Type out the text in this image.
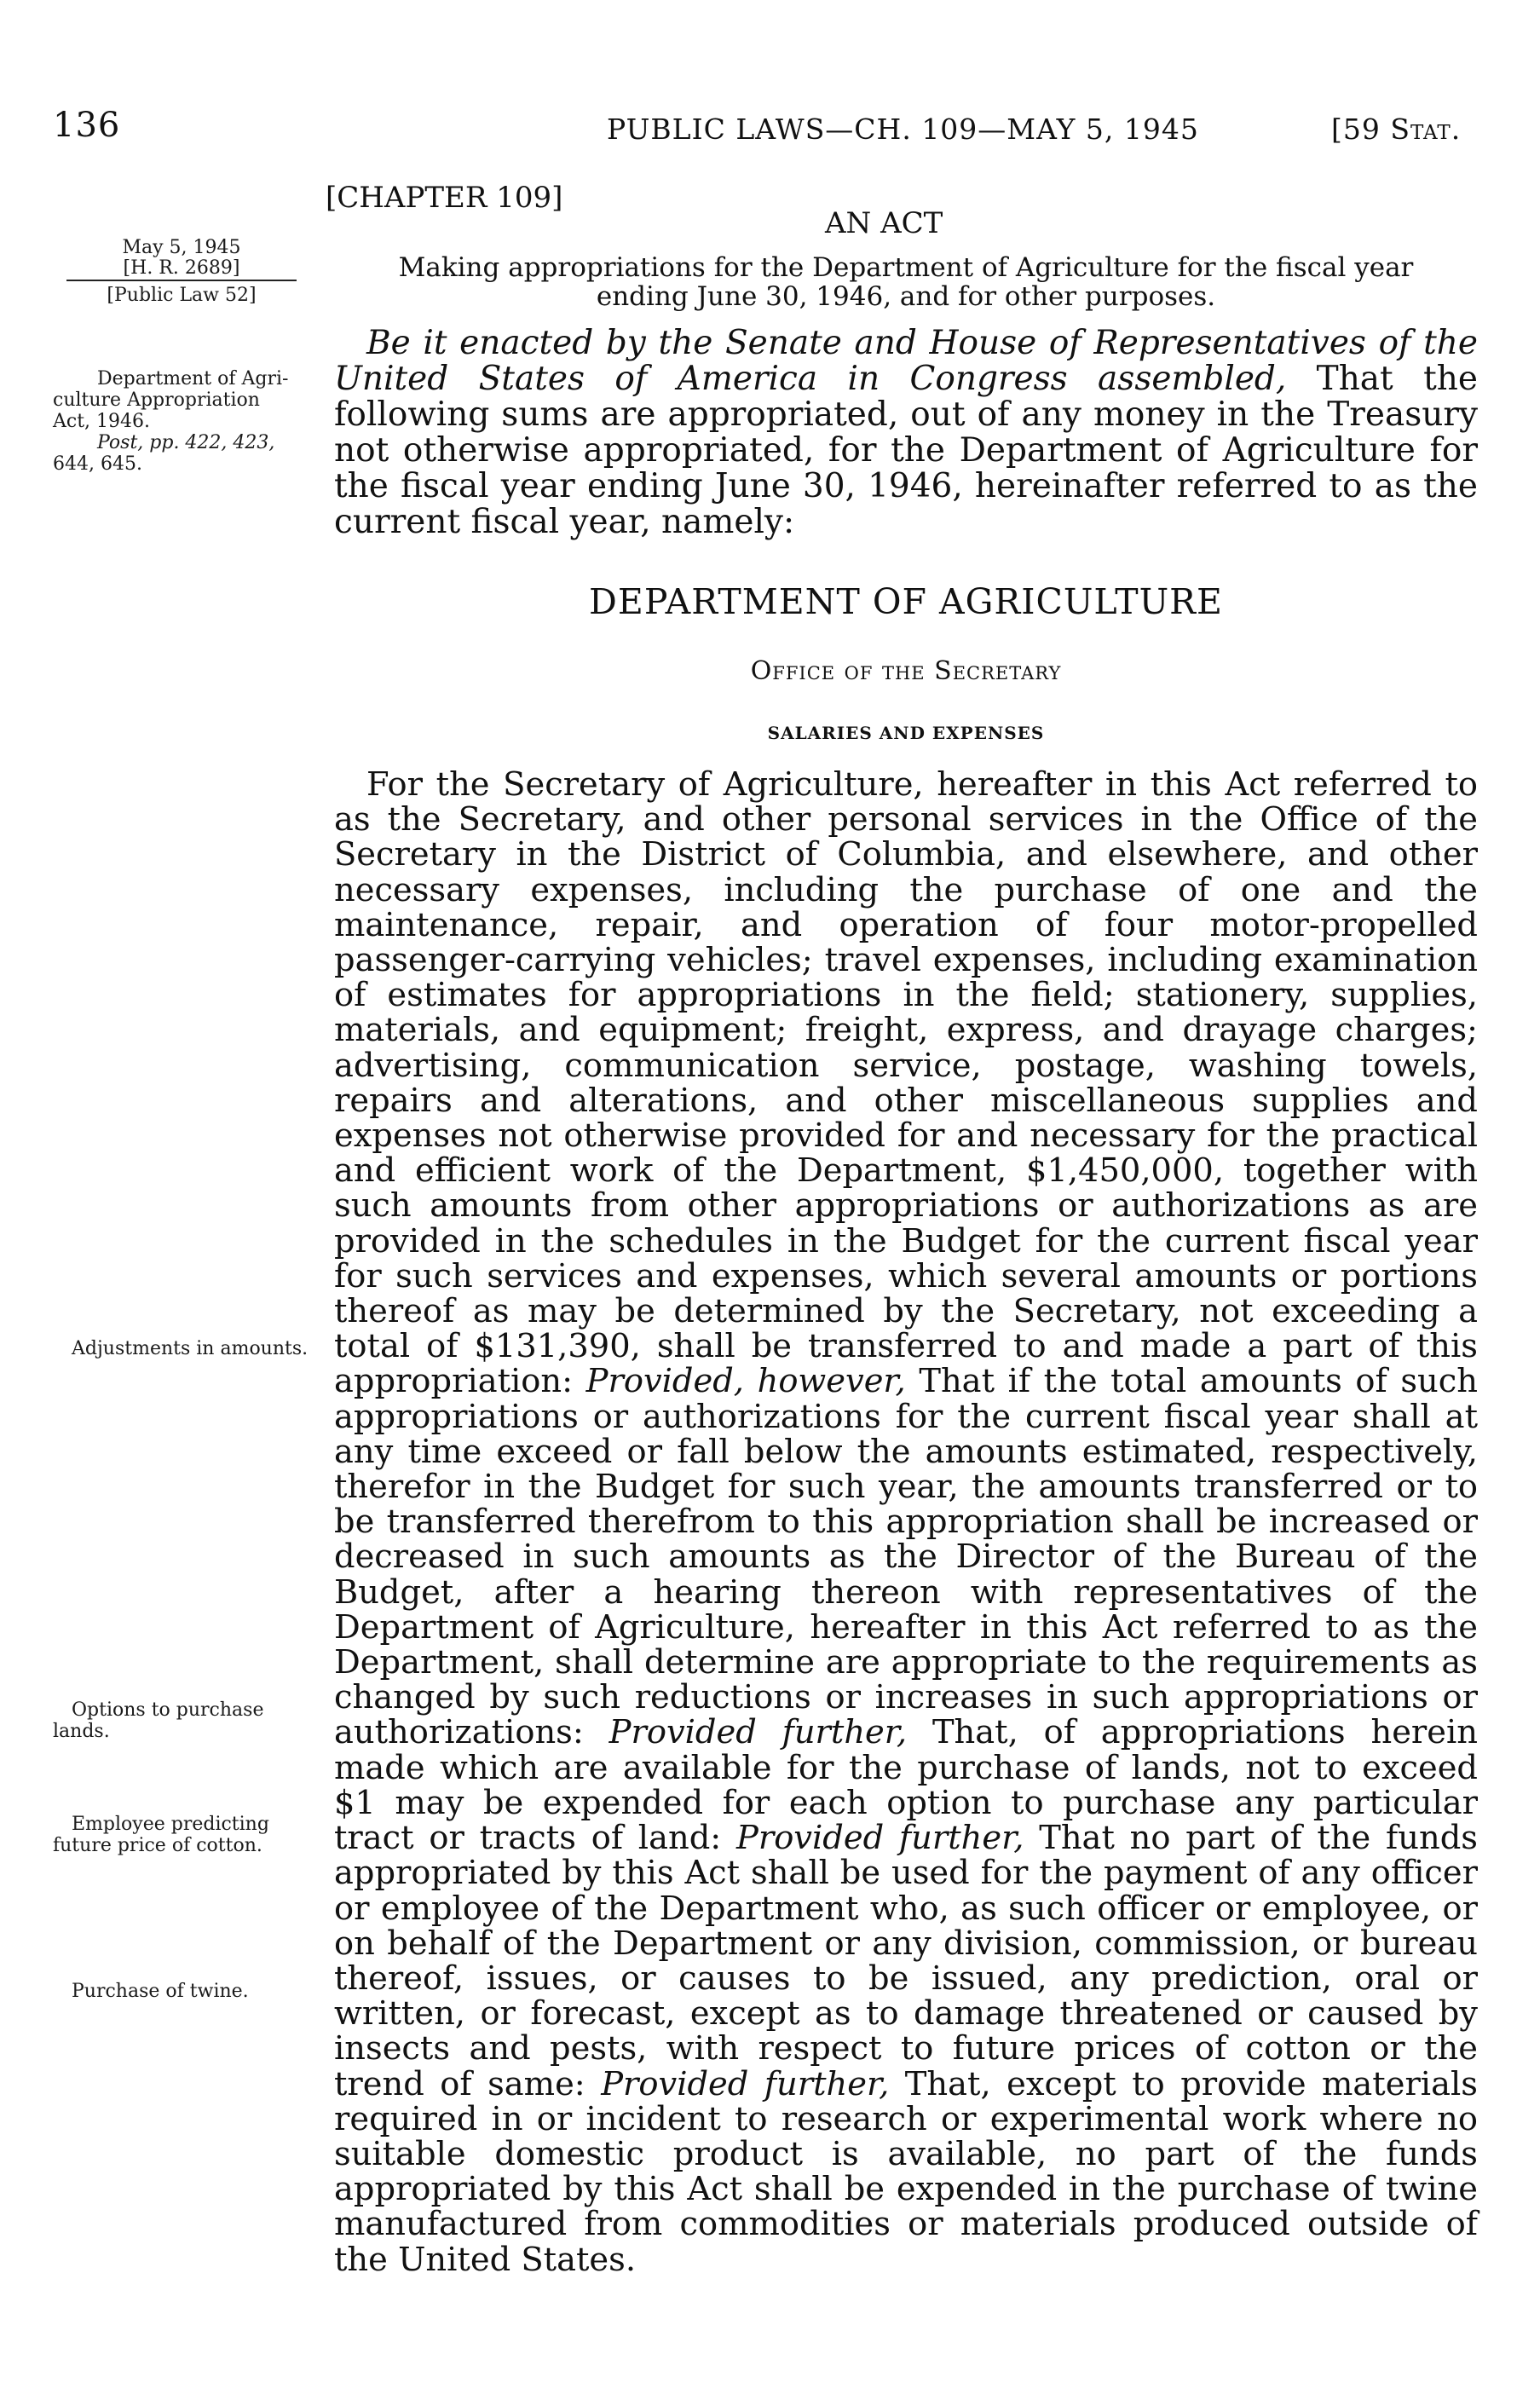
136	PUBLIC LAWS—CH. 109—MAY 5, 1945	[59 Stat.
[CHAPTER 109]
AN ACT
Making appropriations for the Department of Agriculture for the fiscal year
ending June 30, 1946, and for other purposes.
May 5, 1945
[H. R. 2689]
[Public Law 52]
Department of Agri-
culture Appropriation
Act, 1946.
Post, pp. 422, 423,
644, 645.
Adjustments in amounts.
Options to purchase lands.
Employee predicting future price of cotton.
Purchase of twine.

Be it enacted by the Senate and House of Representatives of the United States of America in Congress assembled, That the following sums are appropriated, out of any money in the Treasury not otherwise appropriated, for the Department of Agriculture for the fiscal year ending June 30, 1946, hereinafter referred to as the current fiscal year, namely:

DEPARTMENT OF AGRICULTURE
Office of the Secretary
SALARIES AND EXPENSES

For the Secretary of Agriculture, hereafter in this Act referred to as the Secretary, and other personal services in the Office of the Secretary in the District of Columbia, and elsewhere, and other necessary expenses, including the purchase of one and the maintenance, repair, and operation of four motor-propelled passenger-carrying vehicles; travel expenses, including examination of estimates for appropriations in the field; stationery, supplies, materials, and equipment; freight, express, and drayage charges; advertising, communication service, postage, washing towels, repairs and alterations, and other miscellaneous supplies and expenses not otherwise provided for and necessary for the practical and efficient work of the Department, $1,450,000, together with such amounts from other appropriations or authorizations as are provided in the schedules in the Budget for the current fiscal year for such services and expenses, which several amounts or portions thereof as may be determined by the Secretary, not exceeding a total of $131,390, shall be transferred to and made a part of this appropriation: Provided, however, That if the total amounts of such appropriations or authorizations for the current fiscal year shall at any time exceed or fall below the amounts estimated, respectively, therefor in the Budget for such year, the amounts transferred or to be transferred therefrom to this appropriation shall be increased or decreased in such amounts as the Director of the Bureau of the Budget, after a hearing thereon with representatives of the Department of Agriculture, hereafter in this Act referred to as the Department, shall determine are appropriate to the requirements as changed by such reductions or increases in such appropriations or authorizations: Provided further, That, of appropriations herein made which are available for the purchase of lands, not to exceed $1 may be expended for each option to purchase any particular tract or tracts of land: Provided further, That no part of the funds appropriated by this Act shall be used for the payment of any officer or employee of the Department who, as such officer or employee, or on behalf of the Department or any division, commission, or bureau thereof, issues, or causes to be issued, any prediction, oral or written, or forecast, except as to damage threatened or caused by insects and pests, with respect to future prices of cotton or the trend of same: Provided further, That, except to provide materials required in or incident to research or experimental work where no suitable domestic product is available, no part of the funds appropriated by this Act shall be expended in the purchase of twine manufactured from commodities or materials produced outside of the United States.
